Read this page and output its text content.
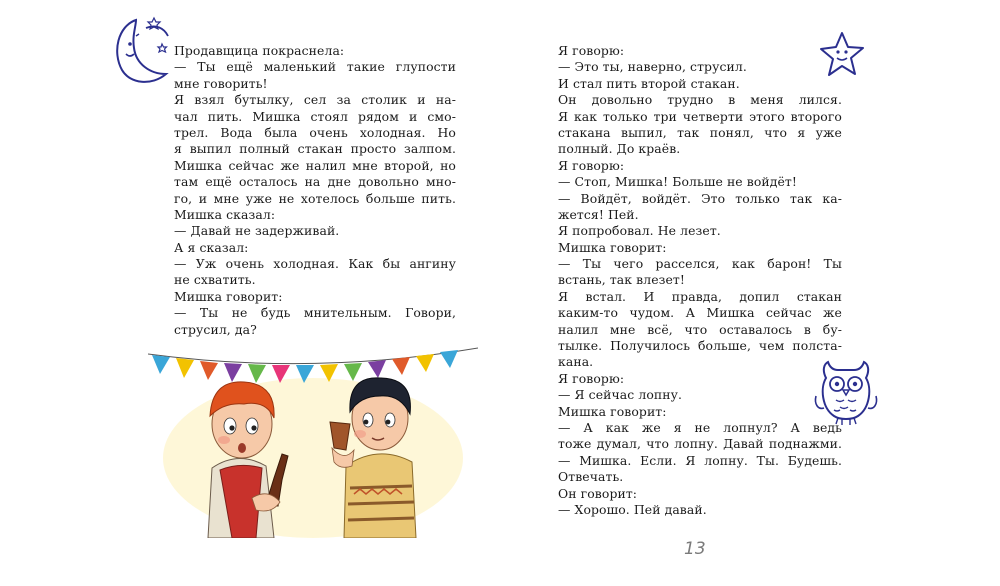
Продавщица покраснела:
— Ты ещё маленький такие глупости
мне говорить!
Я взял бутылку, сел за столик и на-
чал пить. Мишка стоял рядом и смо-
трел. Вода была очень холодная. Но
я выпил полный стакан просто залпом.
Мишка сейчас же налил мне второй, но
там ещё осталось на дне довольно мно-
го, и мне уже не хотелось больше пить.
Мишка сказал:
— Давай не задерживай.
А я сказал:
— Уж очень холодная. Как бы ангину
не схватить.
Мишка говорит:
— Ты не будь мнительным. Говори,
струсил, да?
Я говорю:
— Это ты, наверно, струсил.
И стал пить второй стакан.
Он довольно трудно в меня лился.
Я как только три четверти этого второго
стакана выпил, так понял, что я уже
полный. До краёв.
Я говорю:
— Стоп, Мишка! Больше не войдёт!
— Войдёт, войдёт. Это только так ка-
жется! Пей.
Я попробовал. Не лезет.
Мишка говорит:
— Ты чего расселся, как барон! Ты
встань, так влезет!
Я встал. И правда, допил стакан
каким-то чудом. А Мишка сейчас же
налил мне всё, что оставалось в бу-
тылке. Получилось больше, чем полста-
кана.
Я говорю:
— Я сейчас лопну.
Мишка говорит:
— А как же я не лопнул? А ведь
тоже думал, что лопну. Давай поднажми.
— Мишка. Если. Я лопну. Ты. Будешь.
Отвечать.
Он говорит:
— Хорошо. Пей давай.
13
